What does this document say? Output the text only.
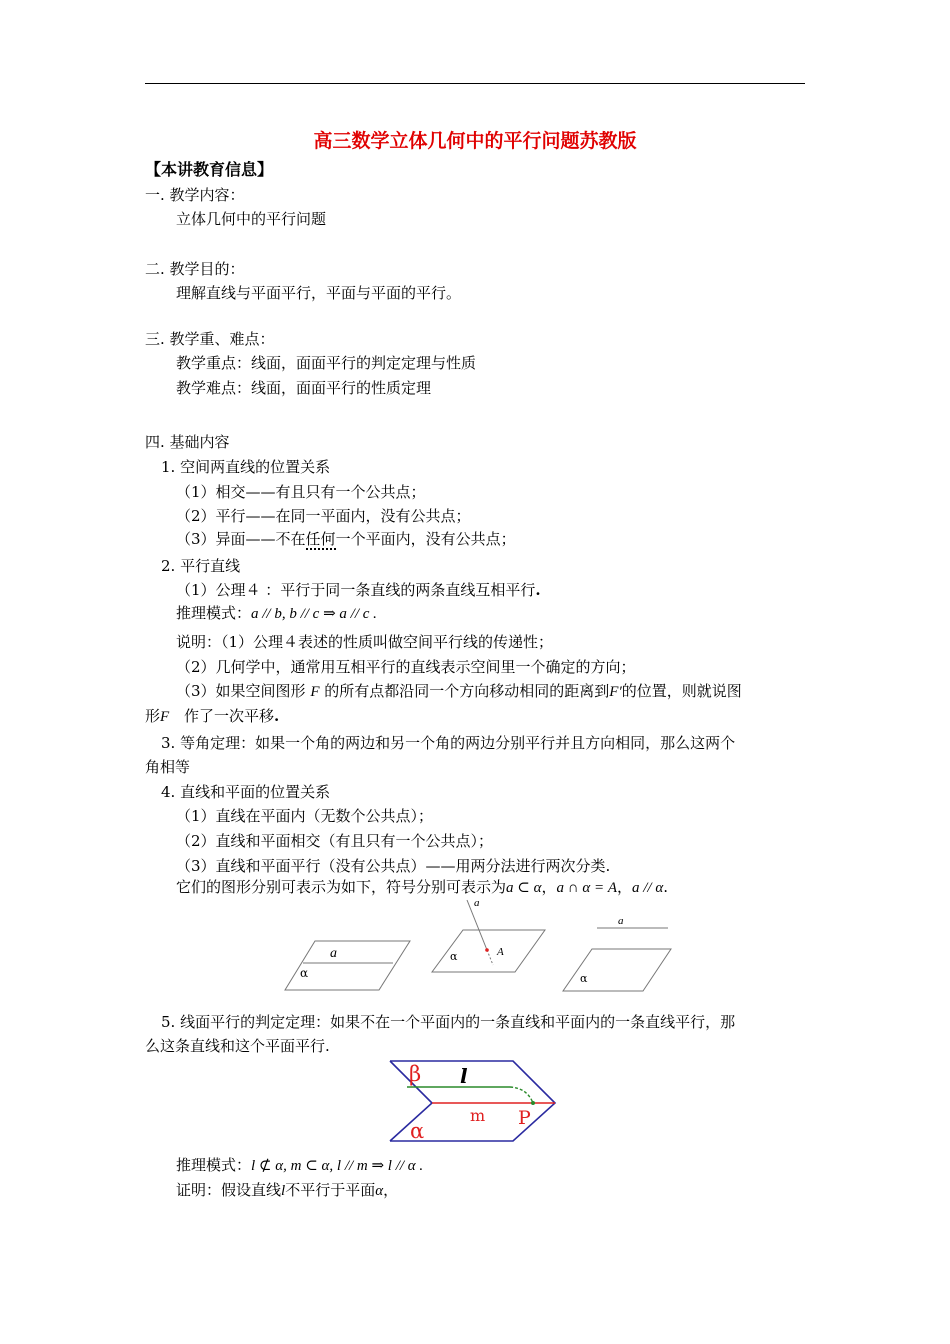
高三数学立体几何中的平行问题苏教版
【本讲教育信息】
一. 教学内容：
立体几何中的平行问题
二. 教学目的：
理解直线与平面平行，平面与平面的平行。
三. 教学重、难点：
教学重点：线面，面面平行的判定定理与性质
教学难点：线面，面面平行的性质定理
四. 基础内容
1. 空间两直线的位置关系
（1）相交——有且只有一个公共点；
（2）平行——在同一平面内，没有公共点；
（3）异面——不在任何一个平面内，没有公共点；
2. 平行直线
（1）公理４ ：平行于同一条直线的两条直线互相平行.
推理模式：a // b, b // c ⇒ a // c .
说明：（1）公理４表述的性质叫做空间平行线的传递性；
（2）几何学中，通常用互相平行的直线表示空间里一个确定的方向；
（3）如果空间图形 F 的所有点都沿同一个方向移动相同的距离到F′的位置，则就说图
形F 作了一次平移.
3. 等角定理：如果一个角的两边和另一个角的两边分别平行并且方向相同，那么这两个
角相等
4. 直线和平面的位置关系
（1）直线在平面内（无数个公共点）；
（2）直线和平面相交（有且只有一个公共点）；
（3）直线和平面平行（没有公共点）——用两分法进行两次分类.
它们的图形分别可表示为如下，符号分别可表示为a ⊂ α，a ∩ α = A，a // α.
a
α
a
A
α
a
α
5. 线面平行的判定定理：如果不在一个平面内的一条直线和平面内的一条直线平行，那
么这条直线和这个平面平行.
β l
m P
α
推理模式：l ⊄ α, m ⊂ α, l // m ⇒ l // α .
证明：假设直线l不平行于平面α，
